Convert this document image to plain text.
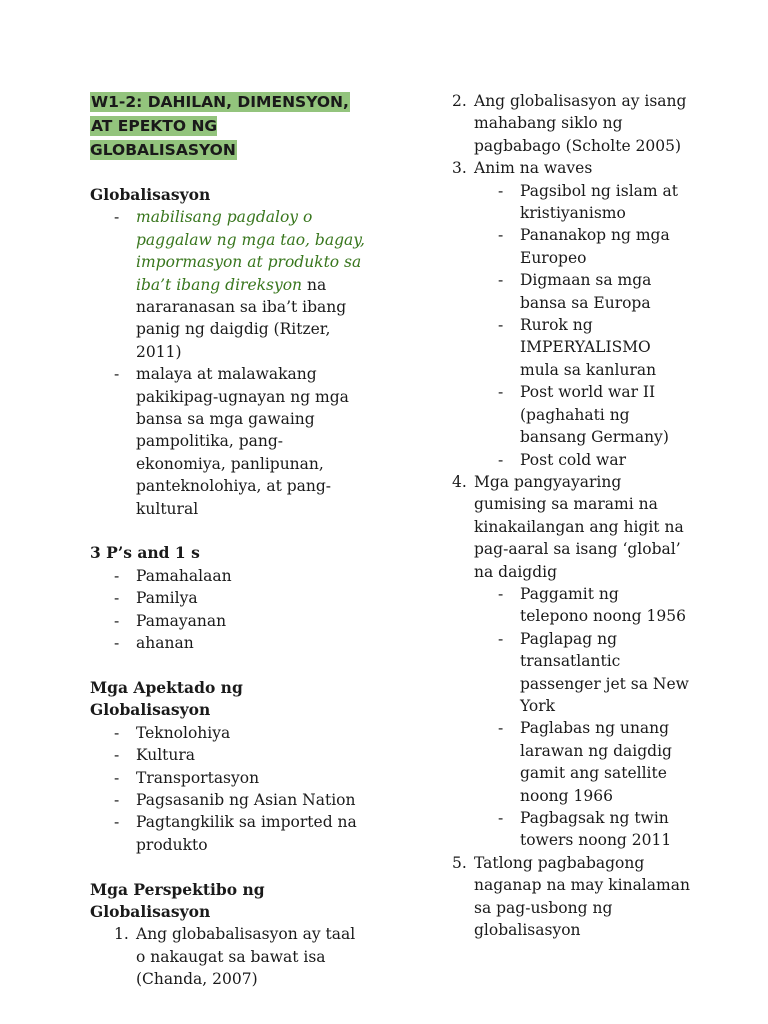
W1-2: DAHILAN, DIMENSYON,
AT EPEKTO NG GLOBALISASYON

Globalisasyon

- mabilisang pagdaloy o paggalaw ng mga tao, bagay, impormasyon at produkto sa iba’t ibang direksyon na nararanasan sa iba’t ibang panig ng daigdig (Ritzer, 2011)
- malaya at malawakang pakikipag-ugnayan ng mga bansa sa mga gawaing pampolitika, pang-ekonomiya, panlipunan, panteknolohiya, at pang-kultural

3 P’s and 1 s

- Pamahalaan
- Pamilya
- Pamayanan
- ahanan

Mga Apektado ng Globalisasyon

- Teknolohiya
- Kultura
- Transportasyon
- Pagsasanib ng Asian Nation
- Pagtangkilik sa imported na produkto

Mga Perspektibo ng Globalisasyon

1. Ang globabalisasyon ay taal o nakaugat sa bawat isa (Chanda, 2007)
2. Ang globalisasyon ay isang mahabang siklo ng pagbabago (Scholte 2005)
3. Anim na waves
- Pagsibol ng islam at kristiyanismo
- Pananakop ng mga Europeo
- Digmaan sa mga bansa sa Europa
- Rurok ng IMPERYALISMO mula sa kanluran
- Post world war II (paghahati ng bansang Germany)
- Post cold war
4. Mga pangyayaring gumising sa marami na kinakailangan ang higit na pag-aaral sa isang ‘global’ na daigdig
- Paggamit ng telepono noong 1956
- Paglapag ng transatlantic passenger jet sa New York
- Paglabas ng unang larawan ng daigdig gamit ang satellite noong 1966
- Pagbagsak ng twin towers noong 2011
5. Tatlong pagbabagong naganap na may kinalaman sa pag-usbong ng globalisasyon
